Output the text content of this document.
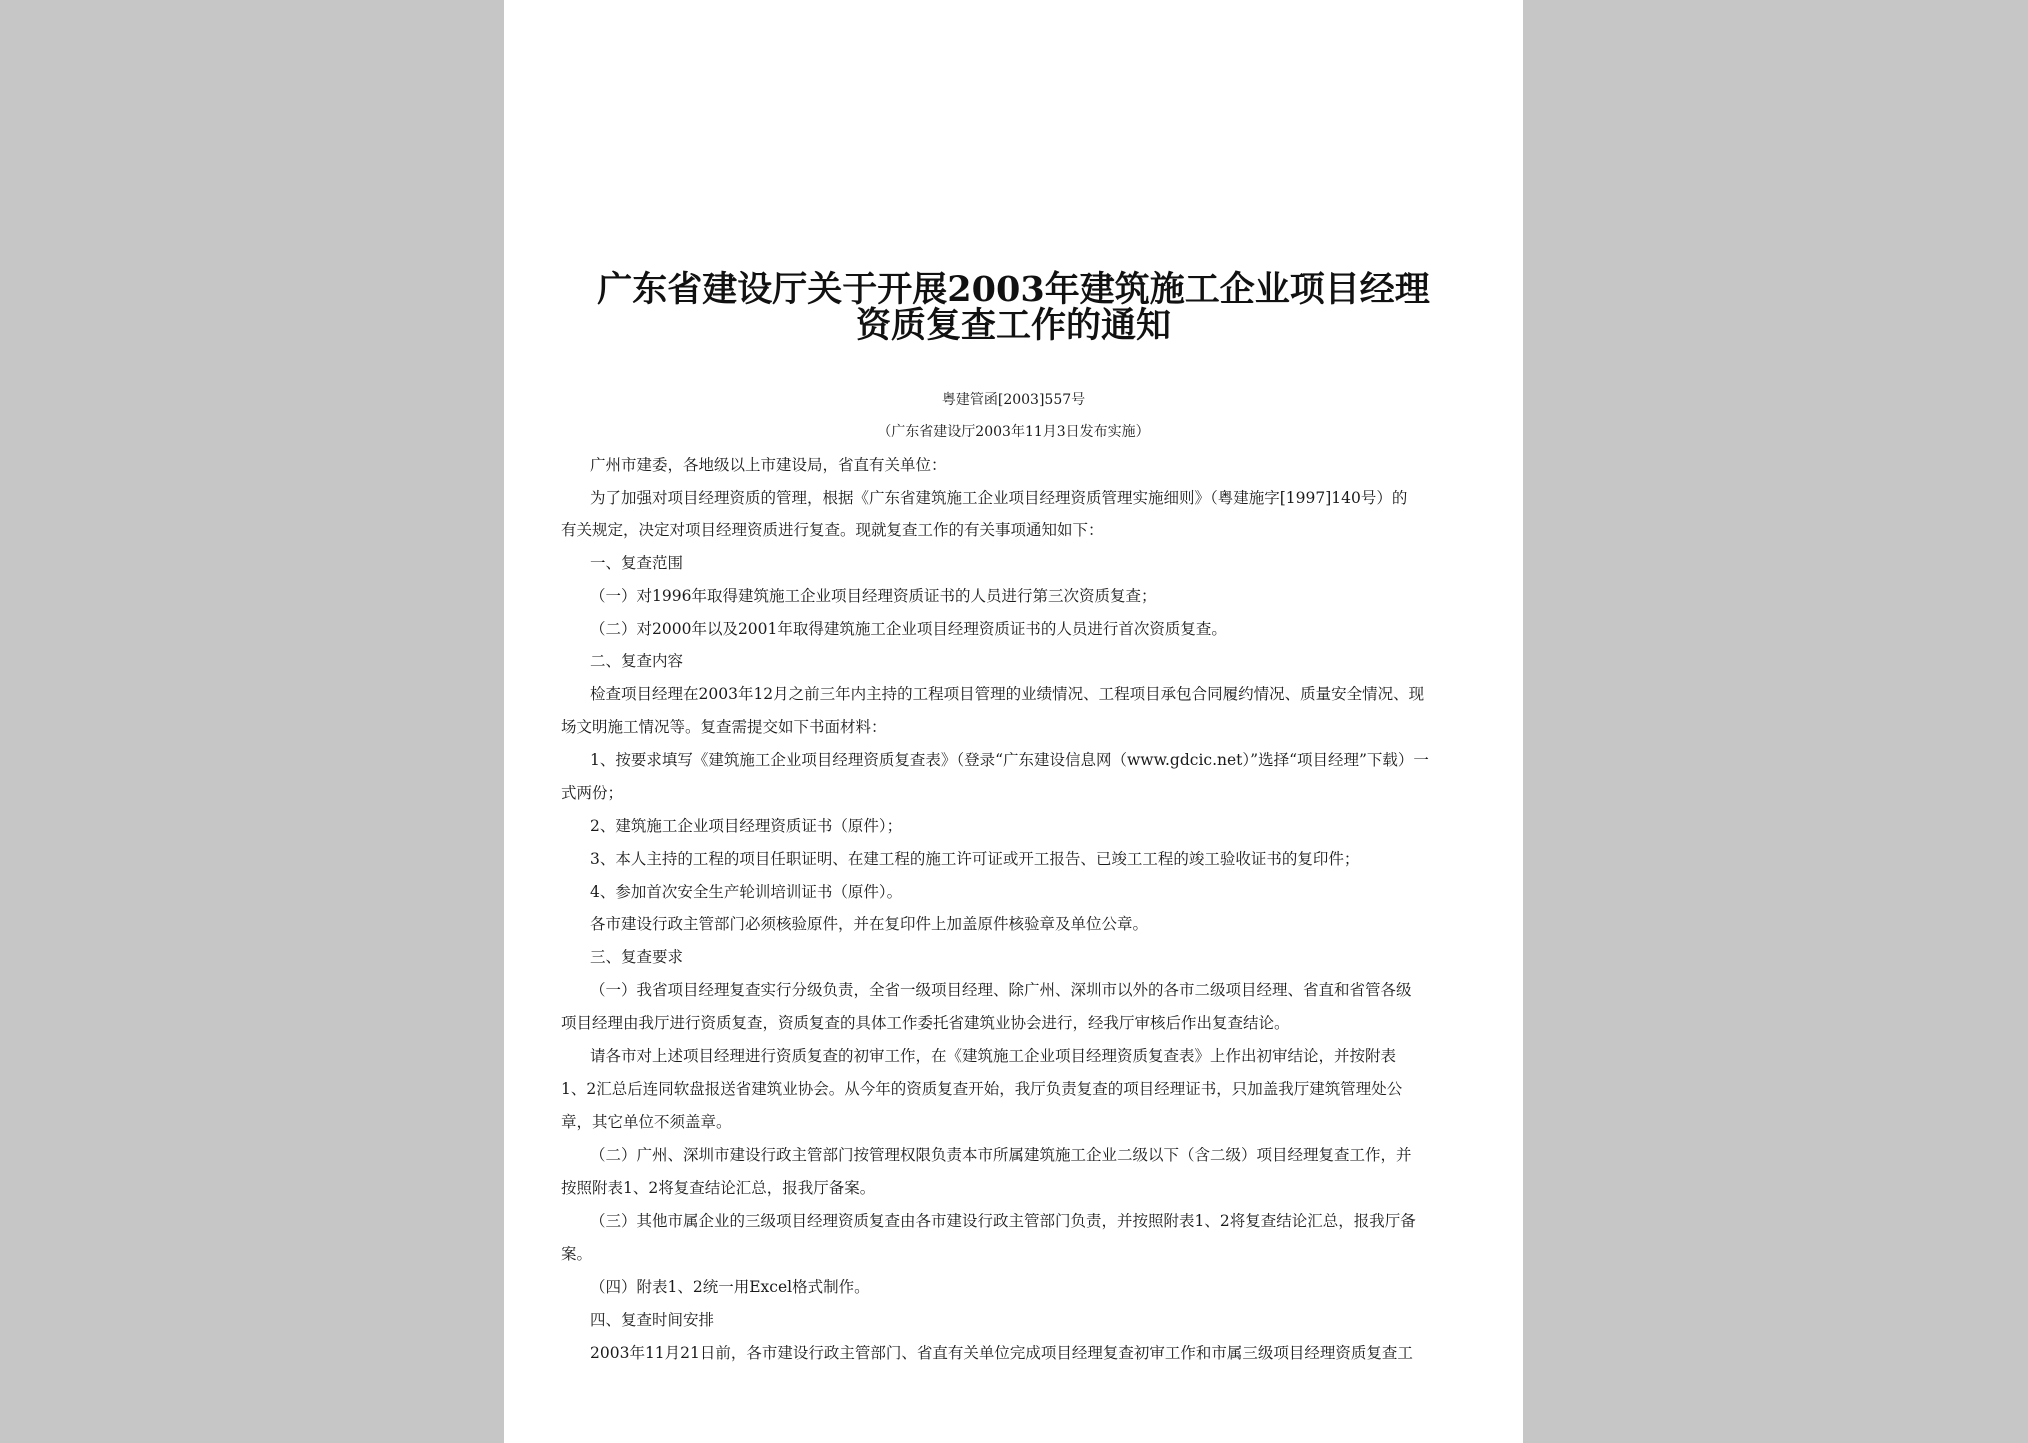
广东省建设厅关于开展2003年建筑施工企业项目经理
资质复查工作的通知
粤建管函[2003]557号
（广东省建设厅2003年11月3日发布实施）
广州市建委，各地级以上市建设局，省直有关单位：
为了加强对项目经理资质的管理，根据《广东省建筑施工企业项目经理资质管理实施细则》（粤建施字[1997]140号）的
有关规定，决定对项目经理资质进行复查。现就复查工作的有关事项通知如下：
一、复查范围
（一）对1996年取得建筑施工企业项目经理资质证书的人员进行第三次资质复查；
（二）对2000年以及2001年取得建筑施工企业项目经理资质证书的人员进行首次资质复查。
二、复查内容
检查项目经理在2003年12月之前三年内主持的工程项目管理的业绩情况、工程项目承包合同履约情况、质量安全情况、现
场文明施工情况等。复查需提交如下书面材料：
1、按要求填写《建筑施工企业项目经理资质复查表》（登录“广东建设信息网（www.gdcic.net）”选择“项目经理”下载）一
式两份；
2、建筑施工企业项目经理资质证书（原件）；
3、本人主持的工程的项目任职证明、在建工程的施工许可证或开工报告、已竣工工程的竣工验收证书的复印件；
4、参加首次安全生产轮训培训证书（原件）。
各市建设行政主管部门必须核验原件，并在复印件上加盖原件核验章及单位公章。
三、复查要求
（一）我省项目经理复查实行分级负责，全省一级项目经理、除广州、深圳市以外的各市二级项目经理、省直和省管各级
项目经理由我厅进行资质复查，资质复查的具体工作委托省建筑业协会进行，经我厅审核后作出复查结论。
请各市对上述项目经理进行资质复查的初审工作，在《建筑施工企业项目经理资质复查表》上作出初审结论，并按附表
1、2汇总后连同软盘报送省建筑业协会。从今年的资质复查开始，我厅负责复查的项目经理证书，只加盖我厅建筑管理处公
章，其它单位不须盖章。
（二）广州、深圳市建设行政主管部门按管理权限负责本市所属建筑施工企业二级以下（含二级）项目经理复查工作，并
按照附表1、2将复查结论汇总，报我厅备案。
（三）其他市属企业的三级项目经理资质复查由各市建设行政主管部门负责，并按照附表1、2将复查结论汇总，报我厅备
案。
（四）附表1、2统一用Excel格式制作。
四、复查时间安排
2003年11月21日前，各市建设行政主管部门、省直有关单位完成项目经理复查初审工作和市属三级项目经理资质复查工
